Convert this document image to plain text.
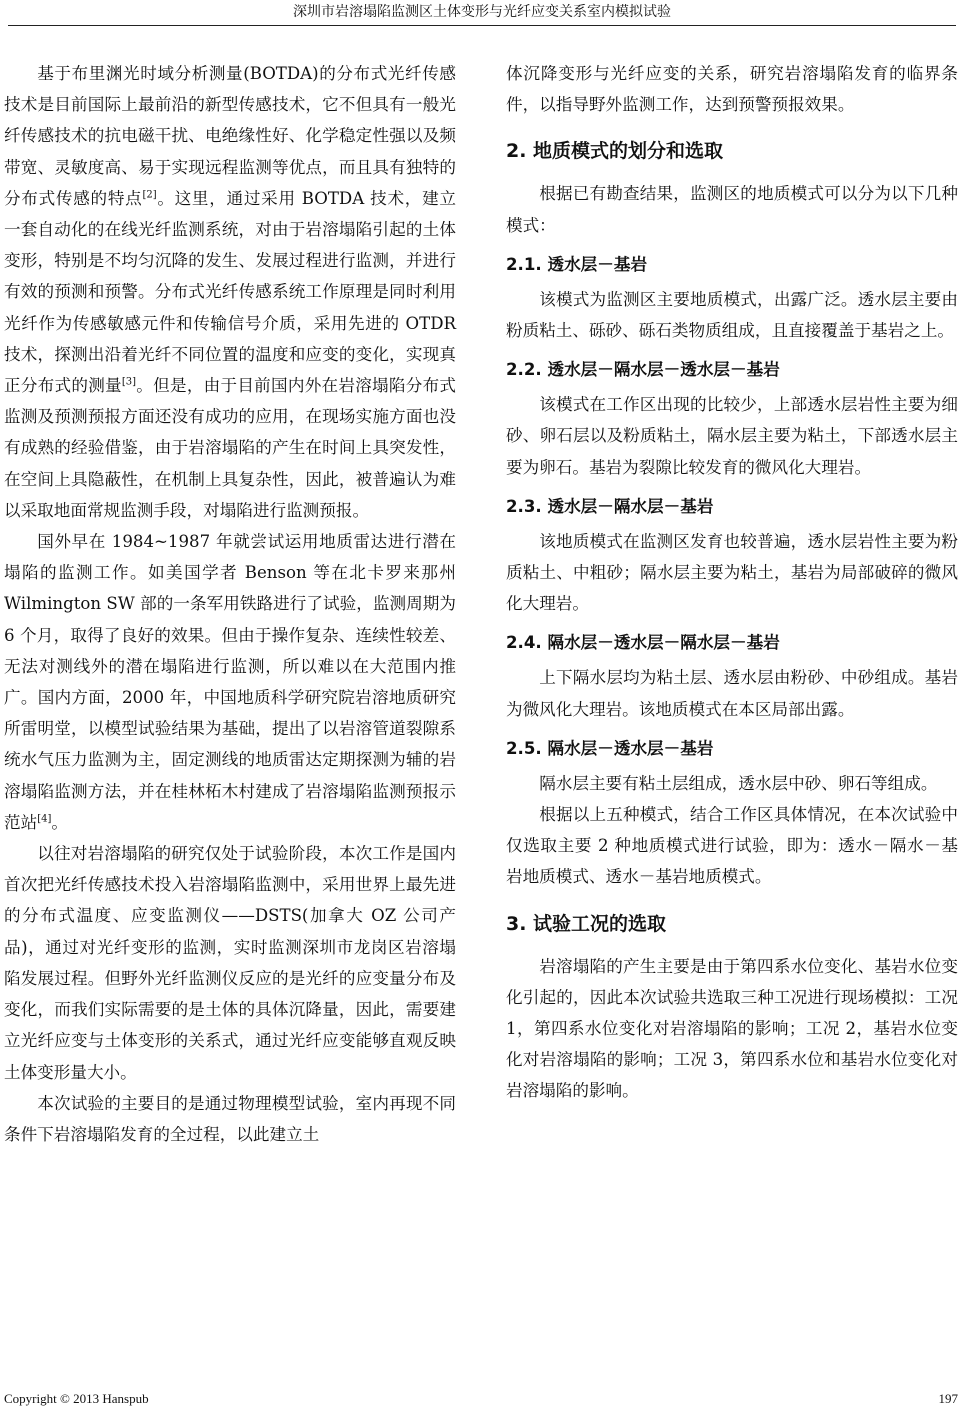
深圳市岩溶塌陷监测区土体变形与光纤应变关系室内模拟试验

基于布里渊光时域分析测量(BOTDA)的分布式光纤传感技术是目前国际上最前沿的新型传感技术，它不但具有一般光纤传感技术的抗电磁干扰、电绝缘性好、化学稳定性强以及频带宽、灵敏度高、易于实现远程监测等优点，而且具有独特的分布式传感的特点[2]。这里，通过采用 BOTDA 技术，建立一套自动化的在线光纤监测系统，对由于岩溶塌陷引起的土体变形，特别是不均匀沉降的发生、发展过程进行监测，并进行有效的预测和预警。分布式光纤传感系统工作原理是同时利用光纤作为传感敏感元件和传输信号介质，采用先进的 OTDR 技术，探测出沿着光纤不同位置的温度和应变的变化，实现真正分布式的测量[3]。但是，由于目前国内外在岩溶塌陷分布式监测及预测预报方面还没有成功的应用，在现场实施方面也没有成熟的经验借鉴，由于岩溶塌陷的产生在时间上具突发性，在空间上具隐蔽性，在机制上具复杂性，因此，被普遍认为难以采取地面常规监测手段，对塌陷进行监测预报。

国外早在 1984~1987 年就尝试运用地质雷达进行潜在塌陷的监测工作。如美国学者 Benson 等在北卡罗来那州 Wilmington SW 部的一条军用铁路进行了试验，监测周期为 6 个月，取得了良好的效果。但由于操作复杂、连续性较差、无法对测线外的潜在塌陷进行监测，所以难以在大范围内推广。国内方面，2000 年，中国地质科学研究院岩溶地质研究所雷明堂，以模型试验结果为基础，提出了以岩溶管道裂隙系统水气压力监测为主，固定测线的地质雷达定期探测为辅的岩溶塌陷监测方法，并在桂林柘木村建成了岩溶塌陷监测预报示范站[4]。

以往对岩溶塌陷的研究仅处于试验阶段，本次工作是国内首次把光纤传感技术投入岩溶塌陷监测中，采用世界上最先进的分布式温度、应变监测仪——DSTS(加拿大 OZ 公司产品)，通过对光纤变形的监测，实时监测深圳市龙岗区岩溶塌陷发展过程。但野外光纤监测仪反应的是光纤的应变量分布及变化，而我们实际需要的是土体的具体沉降量，因此，需要建立光纤应变与土体变形的关系式，通过光纤应变能够直观反映土体变形量大小。

本次试验的主要目的是通过物理模型试验，室内再现不同条件下岩溶塌陷发育的全过程，以此建立土

体沉降变形与光纤应变的关系，研究岩溶塌陷发育的临界条件，以指导野外监测工作，达到预警预报效果。

2. 地质模式的划分和选取

根据已有勘查结果，监测区的地质模式可以分为以下几种模式：

2.1. 透水层－基岩

该模式为监测区主要地质模式，出露广泛。透水层主要由粉质粘土、砾砂、砾石类物质组成，且直接覆盖于基岩之上。

2.2. 透水层－隔水层－透水层－基岩

该模式在工作区出现的比较少，上部透水层岩性主要为细砂、卵石层以及粉质粘土，隔水层主要为粘土，下部透水层主要为卵石。基岩为裂隙比较发育的微风化大理岩。

2.3. 透水层－隔水层－基岩

该地质模式在监测区发育也较普遍，透水层岩性主要为粉质粘土、中粗砂；隔水层主要为粘土，基岩为局部破碎的微风化大理岩。

2.4. 隔水层－透水层－隔水层－基岩

上下隔水层均为粘土层、透水层由粉砂、中砂组成。基岩为微风化大理岩。该地质模式在本区局部出露。

2.5. 隔水层－透水层－基岩

隔水层主要有粘土层组成，透水层中砂、卵石等组成。

根据以上五种模式，结合工作区具体情况，在本次试验中仅选取主要 2 种地质模式进行试验，即为：透水－隔水－基岩地质模式、透水－基岩地质模式。

3. 试验工况的选取

岩溶塌陷的产生主要是由于第四系水位变化、基岩水位变化引起的，因此本次试验共选取三种工况进行现场模拟：工况 1，第四系水位变化对岩溶塌陷的影响；工况 2，基岩水位变化对岩溶塌陷的影响；工况 3，第四系水位和基岩水位变化对岩溶塌陷的影响。

Copyright © 2013 Hanspub	197
